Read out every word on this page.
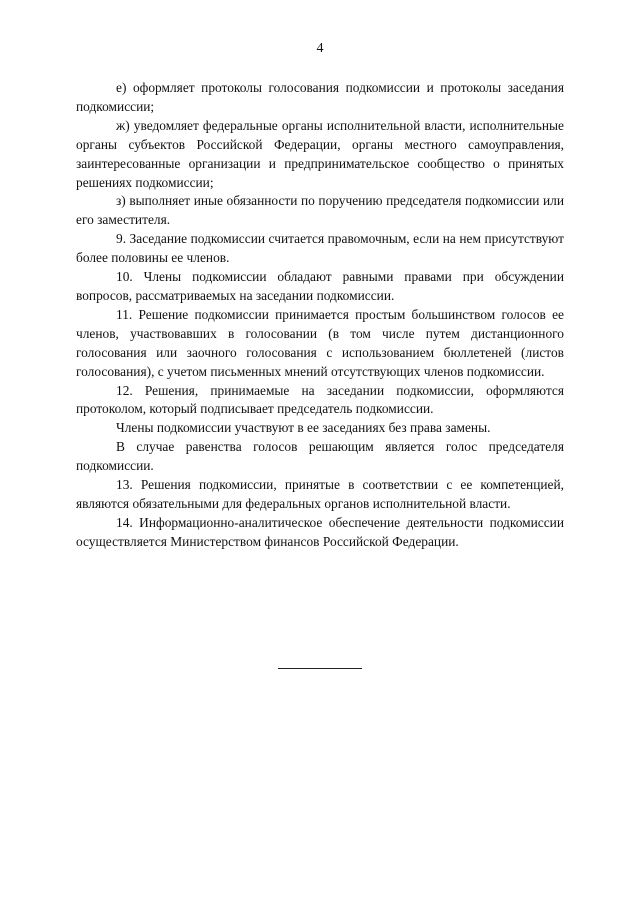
4

е) оформляет протоколы голосования подкомиссии и протоколы заседания подкомиссии;

ж) уведомляет федеральные органы исполнительной власти, исполнительные органы субъектов Российской Федерации, органы местного самоуправления, заинтересованные организации и предпринимательское сообщество о принятых решениях подкомиссии;

з) выполняет иные обязанности по поручению председателя подкомиссии или его заместителя.

9. Заседание подкомиссии считается правомочным, если на нем присутствуют более половины ее членов.

10. Члены подкомиссии обладают равными правами при обсуждении вопросов, рассматриваемых на заседании подкомиссии.

11. Решение подкомиссии принимается простым большинством голосов ее членов, участвовавших в голосовании (в том числе путем дистанционного голосования или заочного голосования с использованием бюллетеней (листов голосования), с учетом письменных мнений отсутствующих членов подкомиссии.

12. Решения, принимаемые на заседании подкомиссии, оформляются протоколом, который подписывает председатель подкомиссии.

Члены подкомиссии участвуют в ее заседаниях без права замены.

В случае равенства голосов решающим является голос председателя подкомиссии.

13. Решения подкомиссии, принятые в соответствии с ее компетенцией, являются обязательными для федеральных органов исполнительной власти.

14. Информационно-аналитическое обеспечение деятельности подкомиссии осуществляется Министерством финансов Российской Федерации.
